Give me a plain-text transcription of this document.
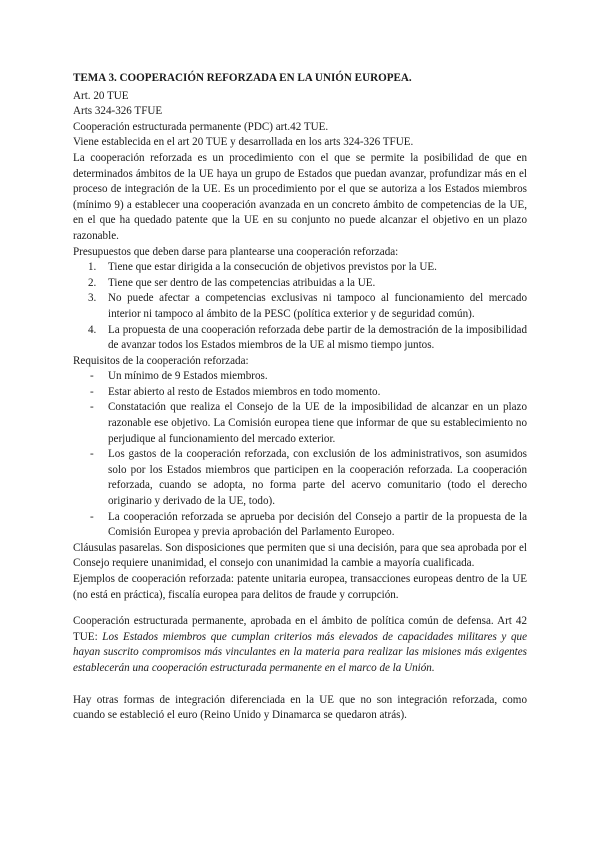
TEMA 3. COOPERACIÓN REFORZADA EN LA UNIÓN EUROPEA.

Art. 20 TUE

Arts 324-326 TFUE

Cooperación estructurada permanente (PDC) art.42 TUE.

Viene establecida en el art 20 TUE y desarrollada en los arts 324-326 TFUE.

La cooperación reforzada es un procedimiento con el que se permite la posibilidad de que en determinados ámbitos de la UE haya un grupo de Estados que puedan avanzar, profundizar más en el proceso de integración de la UE. Es un procedimiento por el que se autoriza a los Estados miembros (mínimo 9) a establecer una cooperación avanzada en un concreto ámbito de competencias de la UE, en el que ha quedado patente que la UE en su conjunto no puede alcanzar el objetivo en un plazo razonable.

Presupuestos que deben darse para plantearse una cooperación reforzada:

1. Tiene que estar dirigida a la consecución de objetivos previstos por la UE.
2. Tiene que ser dentro de las competencias atribuidas a la UE.
3. No puede afectar a competencias exclusivas ni tampoco al funcionamiento del mercado interior ni tampoco al ámbito de la PESC (política exterior y de seguridad común).
4. La propuesta de una cooperación reforzada debe partir de la demostración de la imposibilidad de avanzar todos los Estados miembros de la UE al mismo tiempo juntos.

Requisitos de la cooperación reforzada:

- Un mínimo de 9 Estados miembros.
- Estar abierto al resto de Estados miembros en todo momento.
- Constatación que realiza el Consejo de la UE de la imposibilidad de alcanzar en un plazo razonable ese objetivo. La Comisión europea tiene que informar de que su establecimiento no perjudique al funcionamiento del mercado exterior.
- Los gastos de la cooperación reforzada, con exclusión de los administrativos, son asumidos solo por los Estados miembros que participen en la cooperación reforzada. La cooperación reforzada, cuando se adopta, no forma parte del acervo comunitario (todo el derecho originario y derivado de la UE, todo).
- La cooperación reforzada se aprueba por decisión del Consejo a partir de la propuesta de la Comisión Europea y previa aprobación del Parlamento Europeo.

Cláusulas pasarelas. Son disposiciones que permiten que si una decisión, para que sea aprobada por el Consejo requiere unanimidad, el consejo con unanimidad la cambie a mayoría cualificada.

Ejemplos de cooperación reforzada: patente unitaria europea, transacciones europeas dentro de la UE (no está en práctica), fiscalía europea para delitos de fraude y corrupción.

Cooperación estructurada permanente, aprobada en el ámbito de política común de defensa. Art 42 TUE: Los Estados miembros que cumplan criterios más elevados de capacidades militares y que hayan suscrito compromisos más vinculantes en la materia para realizar las misiones más exigentes establecerán una cooperación estructurada permanente en el marco de la Unión.

Hay otras formas de integración diferenciada en la UE que no son integración reforzada, como cuando se estableció el euro (Reino Unido y Dinamarca se quedaron atrás).
